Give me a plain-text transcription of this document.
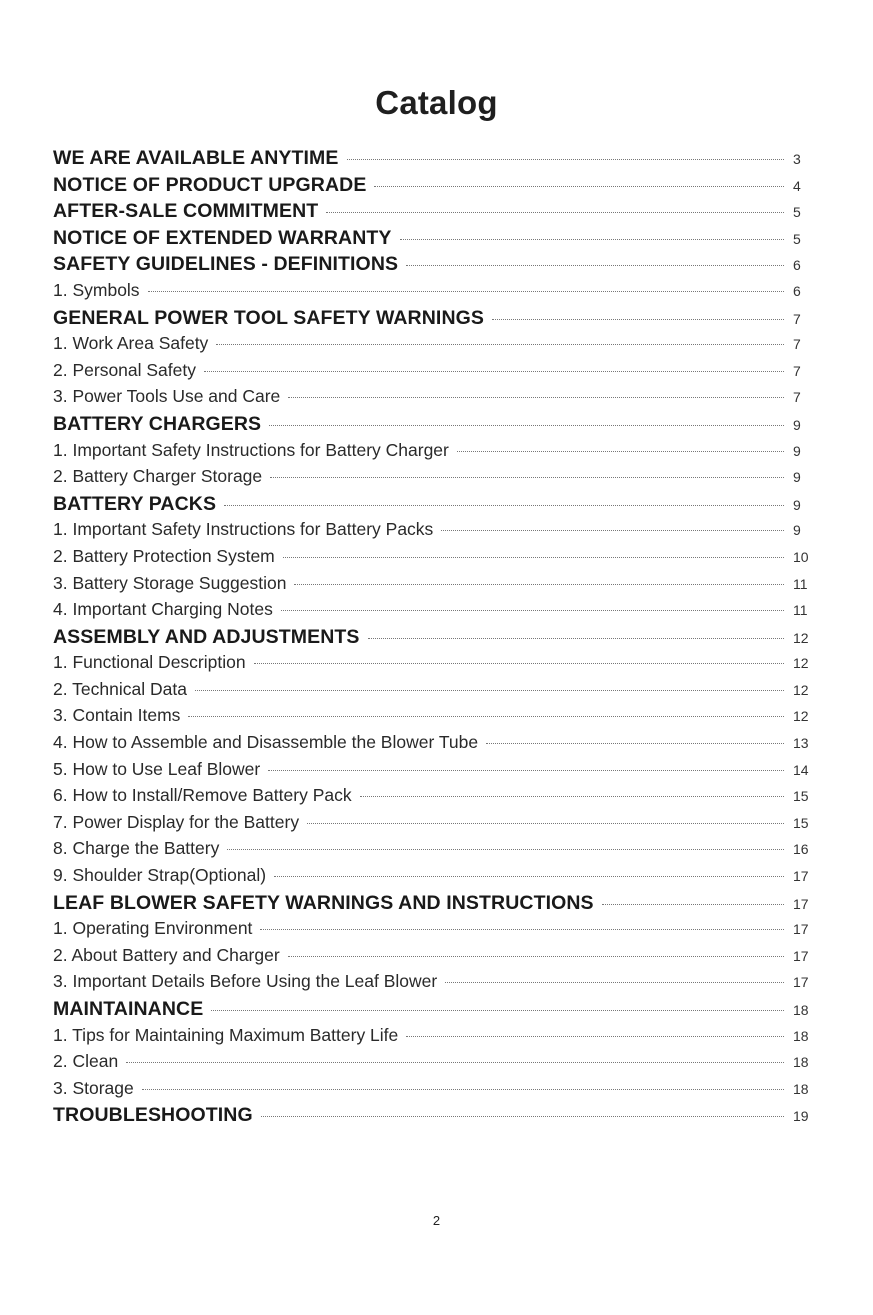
Catalog
WE ARE AVAILABLE ANYTIME	3
NOTICE OF PRODUCT UPGRADE	4
AFTER-SALE COMMITMENT	5
NOTICE OF EXTENDED WARRANTY	5
SAFETY GUIDELINES - DEFINITIONS	6
1. Symbols	6
GENERAL POWER TOOL SAFETY WARNINGS	7
1. Work Area Safety	7
2. Personal Safety	7
3. Power Tools Use and Care	7
BATTERY CHARGERS	9
1. Important Safety Instructions for Battery Charger	9
2. Battery Charger Storage	9
BATTERY PACKS	9
1. Important Safety Instructions for Battery Packs	9
2. Battery Protection System	10
3. Battery Storage Suggestion	11
4. Important Charging Notes	11
ASSEMBLY AND ADJUSTMENTS	12
1. Functional Description	12
2. Technical Data	12
3. Contain Items	12
4. How to Assemble and Disassemble the Blower Tube	13
5. How to Use Leaf Blower	14
6. How to Install/Remove Battery Pack	15
7. Power Display for the Battery	15
8. Charge the Battery	16
9. Shoulder Strap(Optional)	17
LEAF BLOWER SAFETY WARNINGS AND INSTRUCTIONS	17
1. Operating Environment	17
2. About Battery and Charger	17
3. Important Details Before Using the Leaf Blower	17
MAINTAINANCE	18
1. Tips for Maintaining Maximum Battery Life	18
2. Clean	18
3. Storage	18
TROUBLESHOOTING	19
2
